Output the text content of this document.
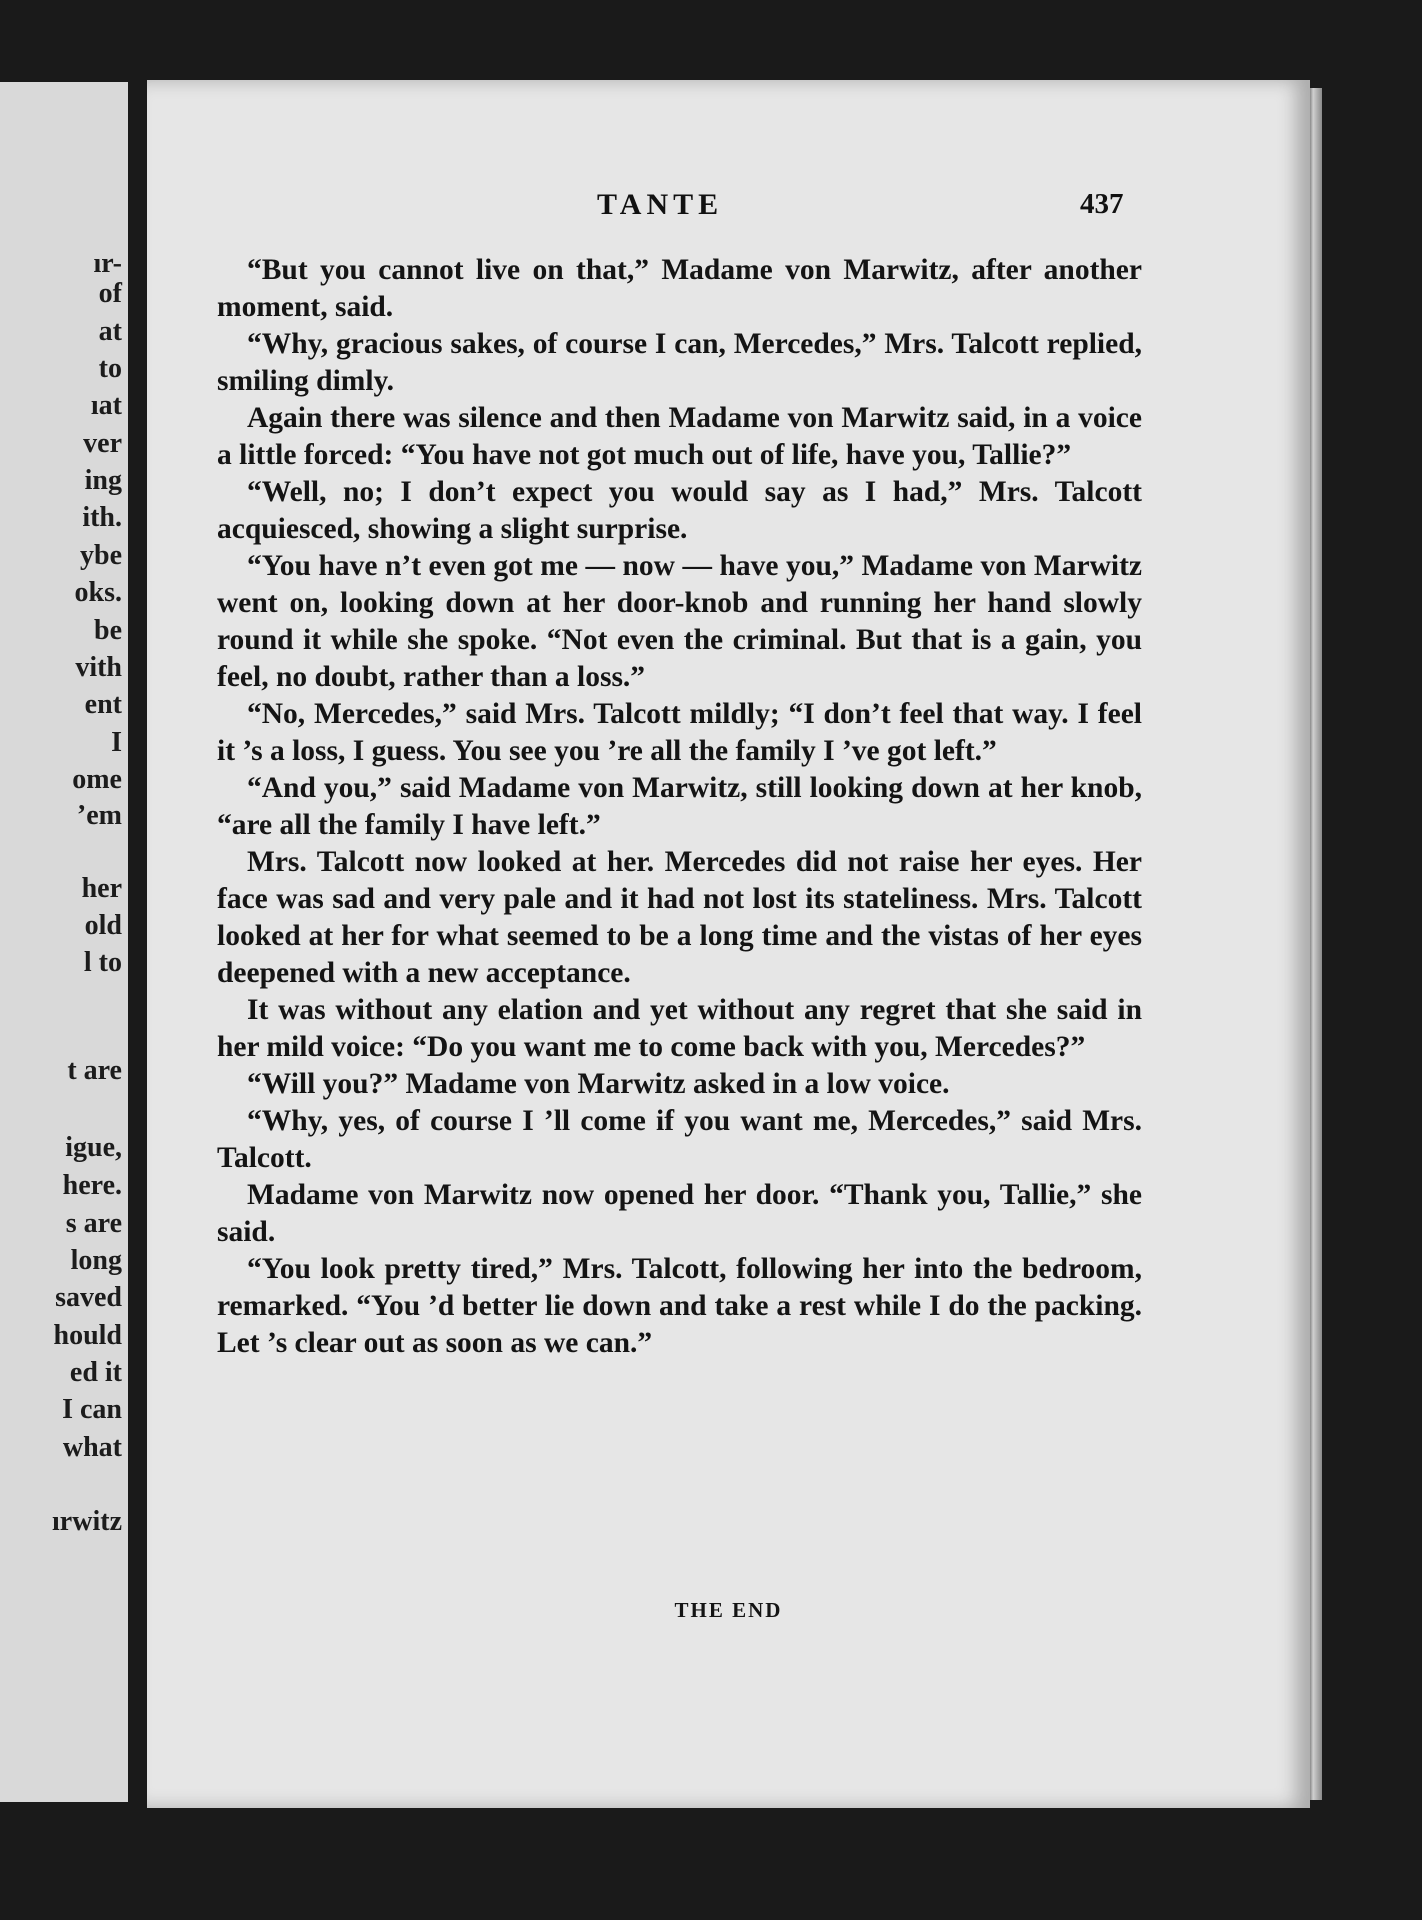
ır-
of
at
to
ıat
ver
ing
ith.
ybe
oks.
be
vith
ent
I
ome
’em
her
old
l to
t are
igue,
here.
s are
long
saved
hould
ed it
I can
what
ırwitz
TANTE	437

“But you cannot live on that,” Madame von Marwitz, after another moment, said.

“Why, gracious sakes, of course I can, Mercedes,” Mrs. Talcott replied, smiling dimly.

Again there was silence and then Madame von Marwitz said, in a voice a little forced: “You have not got much out of life, have you, Tallie?”

“Well, no; I don’t expect you would say as I had,” Mrs. Talcott acquiesced, showing a slight surprise.

“You have n’t even got me — now — have you,” Madame von Marwitz went on, looking down at her door-knob and running her hand slowly round it while she spoke. “Not even the criminal. But that is a gain, you feel, no doubt, rather than a loss.”

“No, Mercedes,” said Mrs. Talcott mildly; “I don’t feel that way. I feel it ’s a loss, I guess. You see you ’re all the family I ’ve got left.”

“And you,” said Madame von Marwitz, still looking down at her knob, “are all the family I have left.”

Mrs. Talcott now looked at her. Mercedes did not raise her eyes. Her face was sad and very pale and it had not lost its stateliness. Mrs. Talcott looked at her for what seemed to be a long time and the vistas of her eyes deepened with a new acceptance.

It was without any elation and yet without any regret that she said in her mild voice: “Do you want me to come back with you, Mercedes?”

“Will you?” Madame von Marwitz asked in a low voice.

“Why, yes, of course I ’ll come if you want me, Mercedes,” said Mrs. Talcott.

Madame von Marwitz now opened her door. “Thank you, Tallie,” she said.

“You look pretty tired,” Mrs. Talcott, following her into the bedroom, remarked. “You ’d better lie down and take a rest while I do the packing. Let ’s clear out as soon as we can.”

THE END
